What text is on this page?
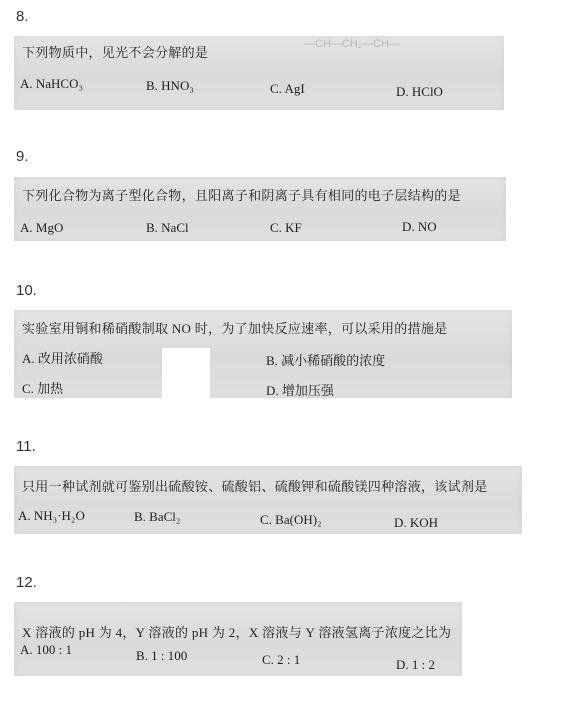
8.
—CH—CH₂—CH—
下列物质中，见光不会分解的是
A. NaHCO₃	B. HNO₃	C. AgI	D. HClO
9.
下列化合物为离子型化合物，且阳离子和阴离子具有相同的电子层结构的是
A. MgO	B. NaCl	C. KF	D. NO
10.
实验室用铜和稀硝酸制取 NO 时，为了加快反应速率，可以采用的措施是
A. 改用浓硝酸	B. 减小稀硝酸的浓度
C. 加热	D. 增加压强
11.
只用一种试剂就可鉴别出硫酸铵、硫酸铝、硫酸钾和硫酸镁四种溶液，该试剂是
A. NH₃·H₂O	B. BaCl₂	C. Ba(OH)₂	D. KOH
12.
X 溶液的 pH 为 4，Y 溶液的 pH 为 2，X 溶液与 Y 溶液氢离子浓度之比为
A. 100 : 1	B. 1 : 100	C. 2 : 1	D. 1 : 2
